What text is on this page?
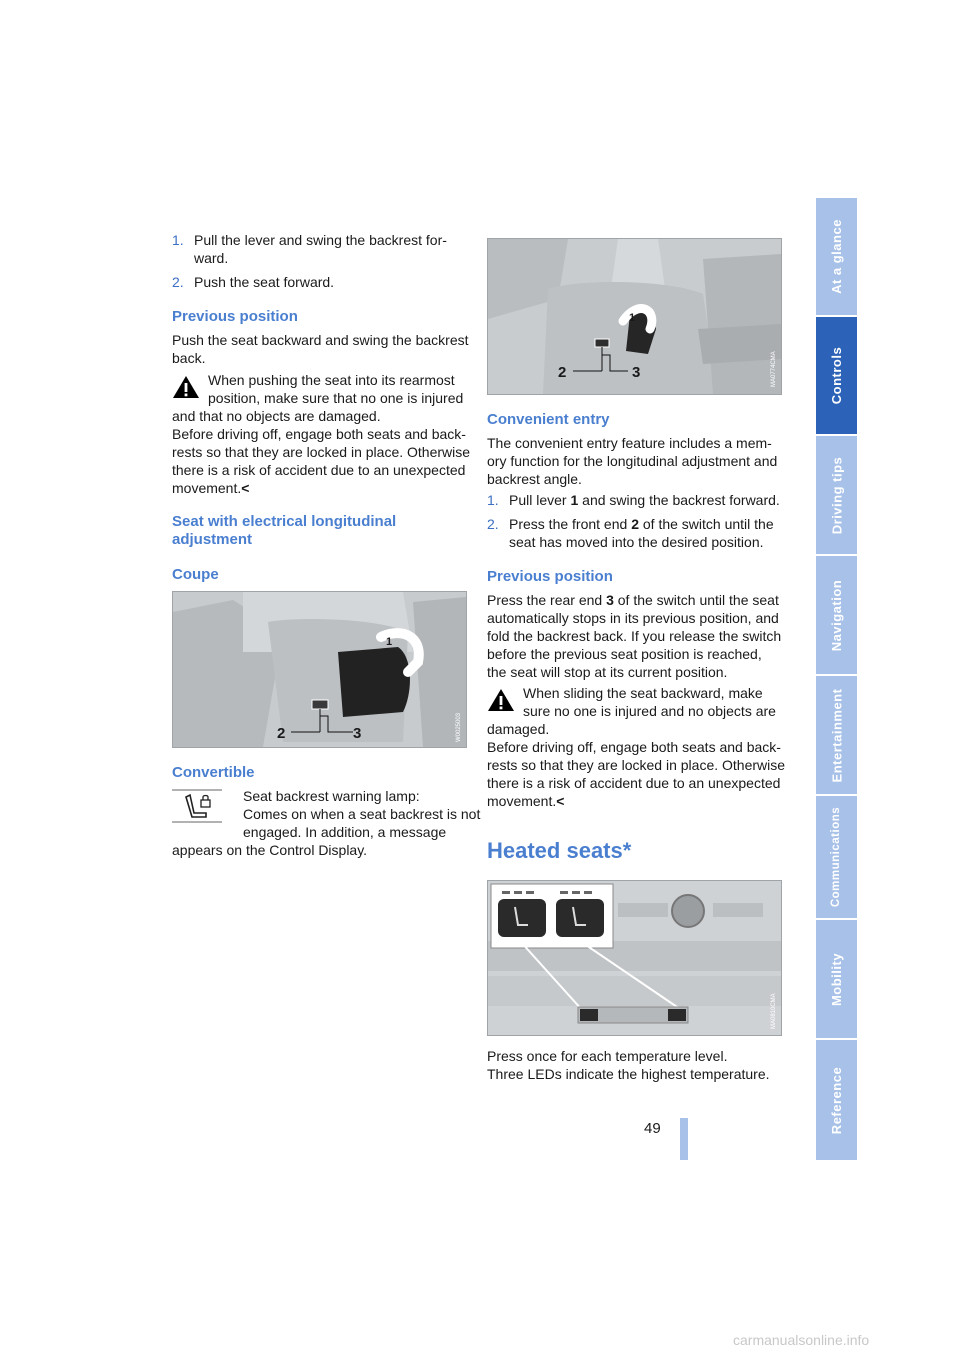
1. Pull the lever and swing the backrest for-

ward.

2. Push the seat forward.

Previous position

Push the seat backward and swing the backrest

back.

When pushing the seat into its rearmost

position, make sure that no one is injured

and that no objects are damaged.

Before driving off, engage both seats and back-

rests so that they are locked in place. Otherwise

there is a risk of accident due to an unexpected

movement.<

Seat with electrical longitudinal
adjustment
Coupe
2	3
1
W0025003
Convertible

Seat backrest warning lamp:

Comes on when a seat backrest is not

engaged. In addition, a message

appears on the Control Display.

2	3
1
MA0774CMA
Convenient entry

The convenient entry feature includes a mem-

ory function for the longitudinal adjustment and

backrest angle.

1. Pull lever 1 and swing the backrest forward.

2. Press the front end 2 of the switch until the

seat has moved into the desired position.

Previous position

Press the rear end 3 of the switch until the seat

automatically stops in its previous position, and

fold the backrest back. If you release the switch

before the previous seat position is reached,

the seat will stop at its current position.

When sliding the seat backward, make

sure no one is injured and no objects are

damaged.

Before driving off, engage both seats and back-

rests so that they are locked in place. Otherwise

there is a risk of accident due to an unexpected

movement.<

Heated seats*
MA0810CMA

Press once for each temperature level.

Three LEDs indicate the highest temperature.

49
At a glance
Controls
Driving tips
Navigation
Entertainment
Communications
Mobility
Reference
carmanualsonline.info
